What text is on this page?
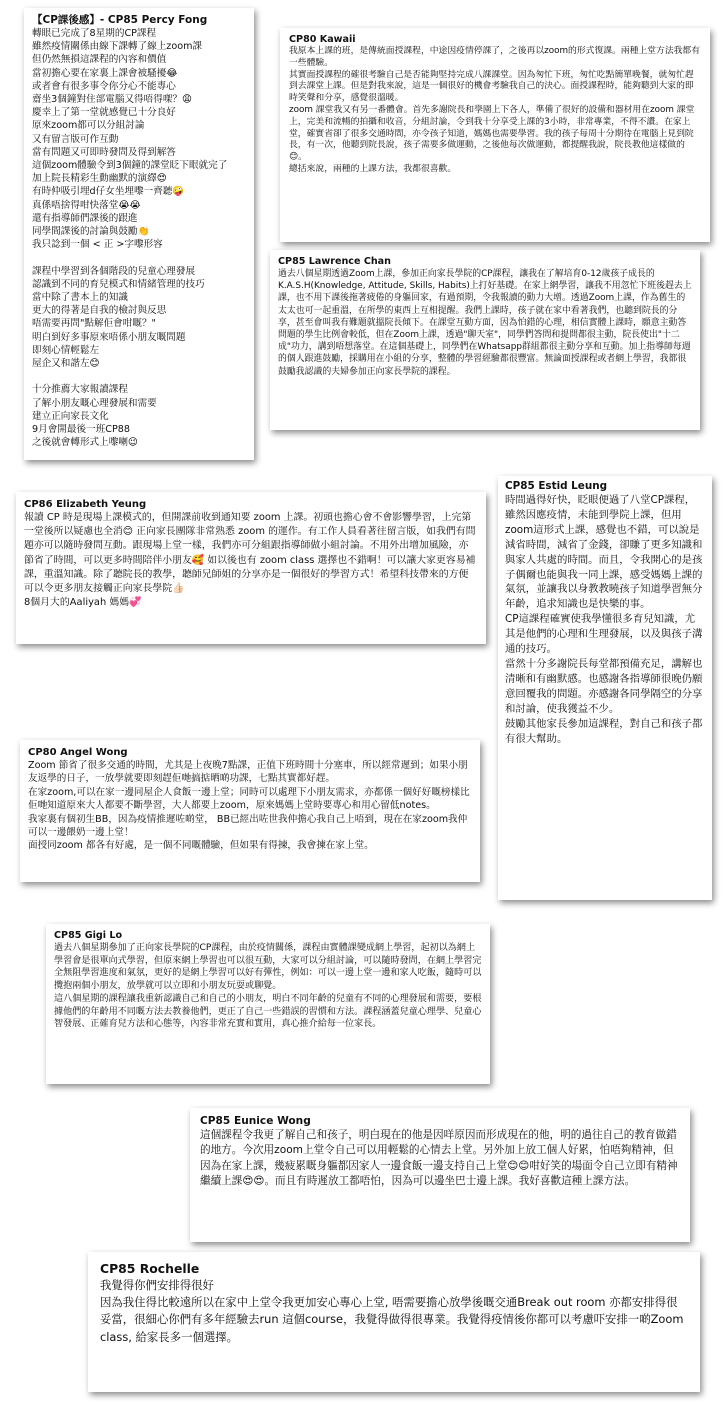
【CP課後感】- CP85 Percy Fong
轉眼已完成了8星期的CP課程
雖然疫情關係由線下課轉了線上zoom課
但仍然無損這課程的內容和價值
當初擔心要在家裏上課會被騷擾😂
或者會有很多事令你分心不能專心
齋坐3個鐘對住部電腦又得唔得㗎？😩
慶幸上了第一堂就感覺已十分良好
原來zoom都可以分組討論
又有留言版可作互動
當有問題又可即時發問及得到解答
這個zoom體驗令到3個鐘的課堂眨下眼就完了
加上院長精彩生動幽默的演繹😍
有時仲吸引埋d仔女坐埋嚟一齊聽🤪
真係唔捨得咁快落堂😭😭
還有指導師們課後的跟進
同學間課後的討論與鼓勵👏
我只諗到一個 < 正 >字嚟形容

課程中學習到各個階段的兒童心理發展
認識到不同的育兒模式和情緒管理的技巧
當中除了書本上的知識
更大的得著是自我的檢討與反思
唔需要再問"點解佢會咁嘅？"
明白到好多事原來唔係小朋友嘅問題
即刻心情輕鬆左
屋企又和諧左😊

十分推薦大家報讀課程
了解小朋友嘅心理發展和需要
建立正向家長文化
9月會開最後一班CP88
之後就會轉形式上嚟喇😉
CP80 Kawaii
我原本上課的班，是傳統面授課程，中途因疫情停課了，之後再以zoom的形式復課。兩種上堂方法我都有一些體驗。
其實面授課程的確很考驗自己是否能夠堅持完成八課課堂。因為匆忙下班，匆忙吃點簡單晚餐，就匆忙趕到去課堂上課。但是對我來說，這是一個很好的機會考驗我自己的決心。面授課程時，能夠聽到大家的即時笑聲和分享，感覺很溫暖。
zoom 課堂我又有另一番體會。首先多謝院長和學園上下各人，準備了很好的設備和器材用在zoom 課堂上，完美和流暢的拍攝和收音，分組討論，令到我十分享受上課的3小時，非常專業，不得不讚。在家上堂，確實省卻了很多交通時間，亦令孩子知道，媽媽也需要學習。我的孩子每周十分期待在電腦上見到院長，有一次，他聽到院長說，孩子需要多做運動，之後他每次做運動，都提醒我說，院長教他這樣做的😊。
總括來說，兩種的上課方法，我都很喜歡。
CP85 Lawrence Chan
過去八個星期透過Zoom上課，參加正向家長學院的CP課程，讓我在了解培育0-12歲孩子成長的K.A.S.H(Knowledge, Attitude, Skills, Habits)上打好基礎。在家上網學習，讓我不用忽忙下班後趕去上課，也不用下課後拖著疲倦的身軀回家，有過預期，令我報讀的動力大增。透過Zoom上課，作為舊生的太太也可一起重溫，在所學的東西上互相提醒。我們上課時，孩子就在家中看著我們，也聽到院長的分享，甚至會叫我有難題就搵院長傾下。在課堂互動方面，因為怕錯的心理，相信實體上課時，願意主動答問題的學生比例會較低，但在Zoom上課，透過"聊天室"，同學們答問和提問都很主動，院長使出"十二成"功力，講到唔想落堂。在這個基礎上，同學們在Whatsapp群組都很主動分享和互動。加上指導師每週的個人跟進鼓勵，採購用在小組的分享，整體的學習經驗都很豐富。無論面授課程或者網上學習，我都很鼓勵我認識的夫婦參加正向家長學院的課程。
CP86 Elizabeth Yeung
報讀 CP 時是現場上課模式的，但開課前收到通知要 zoom 上課。初頭也擔心會不會影響學習，上完第一堂後所以疑慮也全消😊 正向家長團隊非常熟悉 zoom 的運作。有工作人員看著往留言版，如我們有問題亦可以隨時發問互動。跟現場上堂一樣，我們亦可分組跟指導師做小組討論。不用外出增加風險，亦節省了時間，可以更多時間陪伴小朋友🥰 如以後也有 zoom class 選擇也不錯啊！可以讓大家更容易補課，重溫知識。除了聽院長的教學，聽師兄師姐的分享亦是一個很好的學習方式！希望科技帶來的方便可以令更多朋友接觸正向家長學院👍🏻
8個月大的Aaliyah 媽媽💞
CP85 Estid Leung
時間過得好快，眨眼便過了八堂CP課程，雖然因應疫情，未能到學院上課，但用zoom這形式上課，感覺也不錯，可以說是減省時間，減省了金錢，卻賺了更多知識和與家人共處的時間。而且，令我開心的是孩子偶爾也能與我一同上課，感受媽媽上課的氣氛，並讓我以身教教曉孩子知道學習無分年齡，追求知識也是快樂的事。
CP這課程確實使我學懂很多育兒知識，尤其是他們的心理和生理發展，以及與孩子溝通的技巧。
當然十分多謝院長每堂都預備充足，講解也清晰和有幽默感。也感謝各指導師很晚仍願意回覆我的問題。亦感謝各同學隔空的分享和討論，使我獲益不少。
鼓勵其他家長參加這課程，對自己和孩子都有很大幫助。
CP80 Angel Wong
Zoom 節省了很多交通的時間，尤其是上夜晚7點課，正值下班時間十分塞車，所以經常遲到；如果小朋友返學的日子，一放學就要即刻趕佢哋搞掂晒啲功課，七點其實都好趕。
在家zoom,可以在家一邊同屋企人食飯一邊上堂；同時可以處理下小朋友需求，亦都係一個好好嘅榜樣比佢哋知道原來大人都要不斷學習，大人都要上zoom，原來媽媽上堂時要專心和用心留低notes。
我家裏有個初生BB，因為疫情推遲咗啲堂， BB已經出咗世我仲擔心我自己上唔到，現在在家zoom我仲可以一邊餵奶一邊上堂！
面授同zoom 都各有好處，是一個不同嘅體驗，但如果有得揀，我會揀在家上堂。
CP85 Gigi Lo
過去八個星期參加了正向家長學院的CP課程，由於疫情關係，課程由實體課變成網上學習，起初以為網上學習會是很單向式學習，但原來網上學習也可以很互動，大家可以分組討論，可以隨時發問，在網上學習完全無阻學習進度和氣氛，更好的是網上學習可以好有彈性，例如：可以一邊上堂一邊和家人吃飯，隨時可以攬抱兩個小朋友，放學就可以立即和小朋友玩耍或聊覺。
這八個星期的課程讓我重新認識自己和自己的小朋友，明白不同年齡的兒童有不同的心理發展和需要，要根據他們的年齡用不同嘅方法去教養他們，更正了自己一些錯誤的習慣和方法。課程涵蓋兒童心理學、兒童心智發展、正確育兒方法和心態等，內容非常充實和實用，真心推介給每一位家長。
CP85 Eunice Wong
這個課程令我更了解自己和孩子，明白現在的他是因咩原因而形成現在的他，明的過往自己的教育做錯的地方。今次用zoom上堂令自己可以用輕鬆的心情去上堂。另外加上放工個人好累，怕唔夠精神，但因為在家上課，幾疲累嘅身軀都因家人一邊食飯一邊支持自己上堂😊😊咁好笑的場面令自己立即有精神繼續上課😍😍。而且有時遲放工都唔怕，因為可以邊坐巴士邊上課。我好喜歡這種上課方法。
CP85 Rochelle
我覺得你們安排得很好
因為我住得比較遠所以在家中上堂令我更加安心專心上堂, 唔需要擔心放學後嘅交通Break out room 亦都安排得很妥當，很細心你們有多年經驗去run 這個course，我覺得做得很專業。我覺得疫情後你都可以考慮吓安排一啲Zoom class, 給家長多一個選擇。
